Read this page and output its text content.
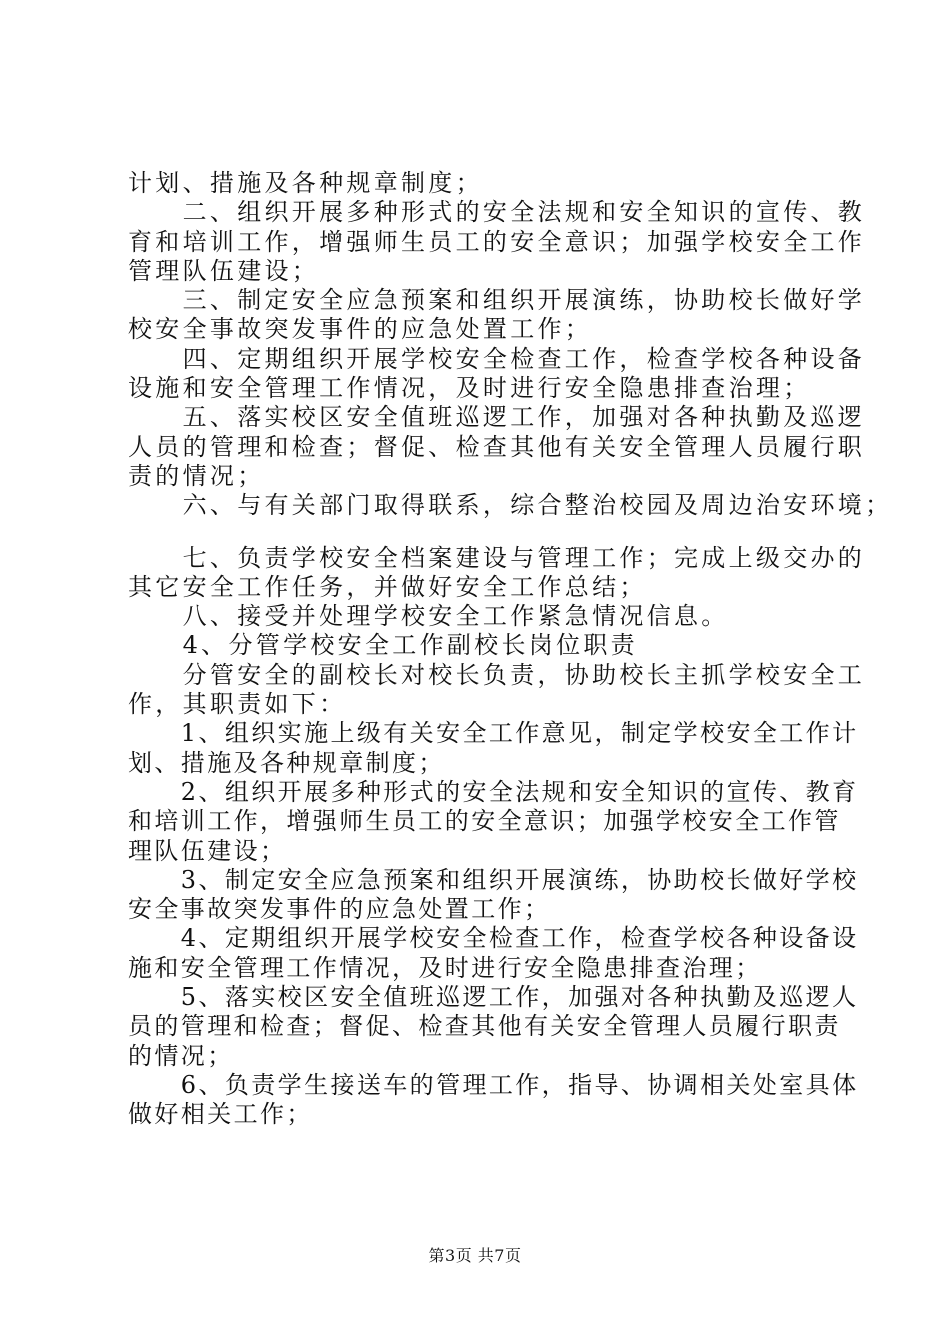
计划、措施及各种规章制度；
　　二、组织开展多种形式的安全法规和安全知识的宣传、教
育和培训工作，增强师生员工的安全意识；加强学校安全工作
管理队伍建设；
　　三、制定安全应急预案和组织开展演练，协助校长做好学
校安全事故突发事件的应急处置工作；
　　四、定期组织开展学校安全检查工作，检查学校各种设备
设施和安全管理工作情况，及时进行安全隐患排查治理；
　　五、落实校区安全值班巡逻工作，加强对各种执勤及巡逻
人员的管理和检查；督促、检查其他有关安全管理人员履行职
责的情况；
　　六、与有关部门取得联系，综合整治校园及周边治安环境；
　　七、负责学校安全档案建设与管理工作；完成上级交办的
其它安全工作任务，并做好安全工作总结；
　　八、接受并处理学校安全工作紧急情况信息。
　　4、分管学校安全工作副校长岗位职责
　　分管安全的副校长对校长负责，协助校长主抓学校安全工
作，其职责如下：
　　1、组织实施上级有关安全工作意见，制定学校安全工作计
划、措施及各种规章制度；
　　2、组织开展多种形式的安全法规和安全知识的宣传、教育
和培训工作，增强师生员工的安全意识；加强学校安全工作管
理队伍建设；
　　3、制定安全应急预案和组织开展演练，协助校长做好学校
安全事故突发事件的应急处置工作；
　　4、定期组织开展学校安全检查工作，检查学校各种设备设
施和安全管理工作情况，及时进行安全隐患排查治理；
　　5、落实校区安全值班巡逻工作，加强对各种执勤及巡逻人
员的管理和检查；督促、检查其他有关安全管理人员履行职责
的情况；
　　6、负责学生接送车的管理工作，指导、协调相关处室具体
做好相关工作；
第3页 共7页
